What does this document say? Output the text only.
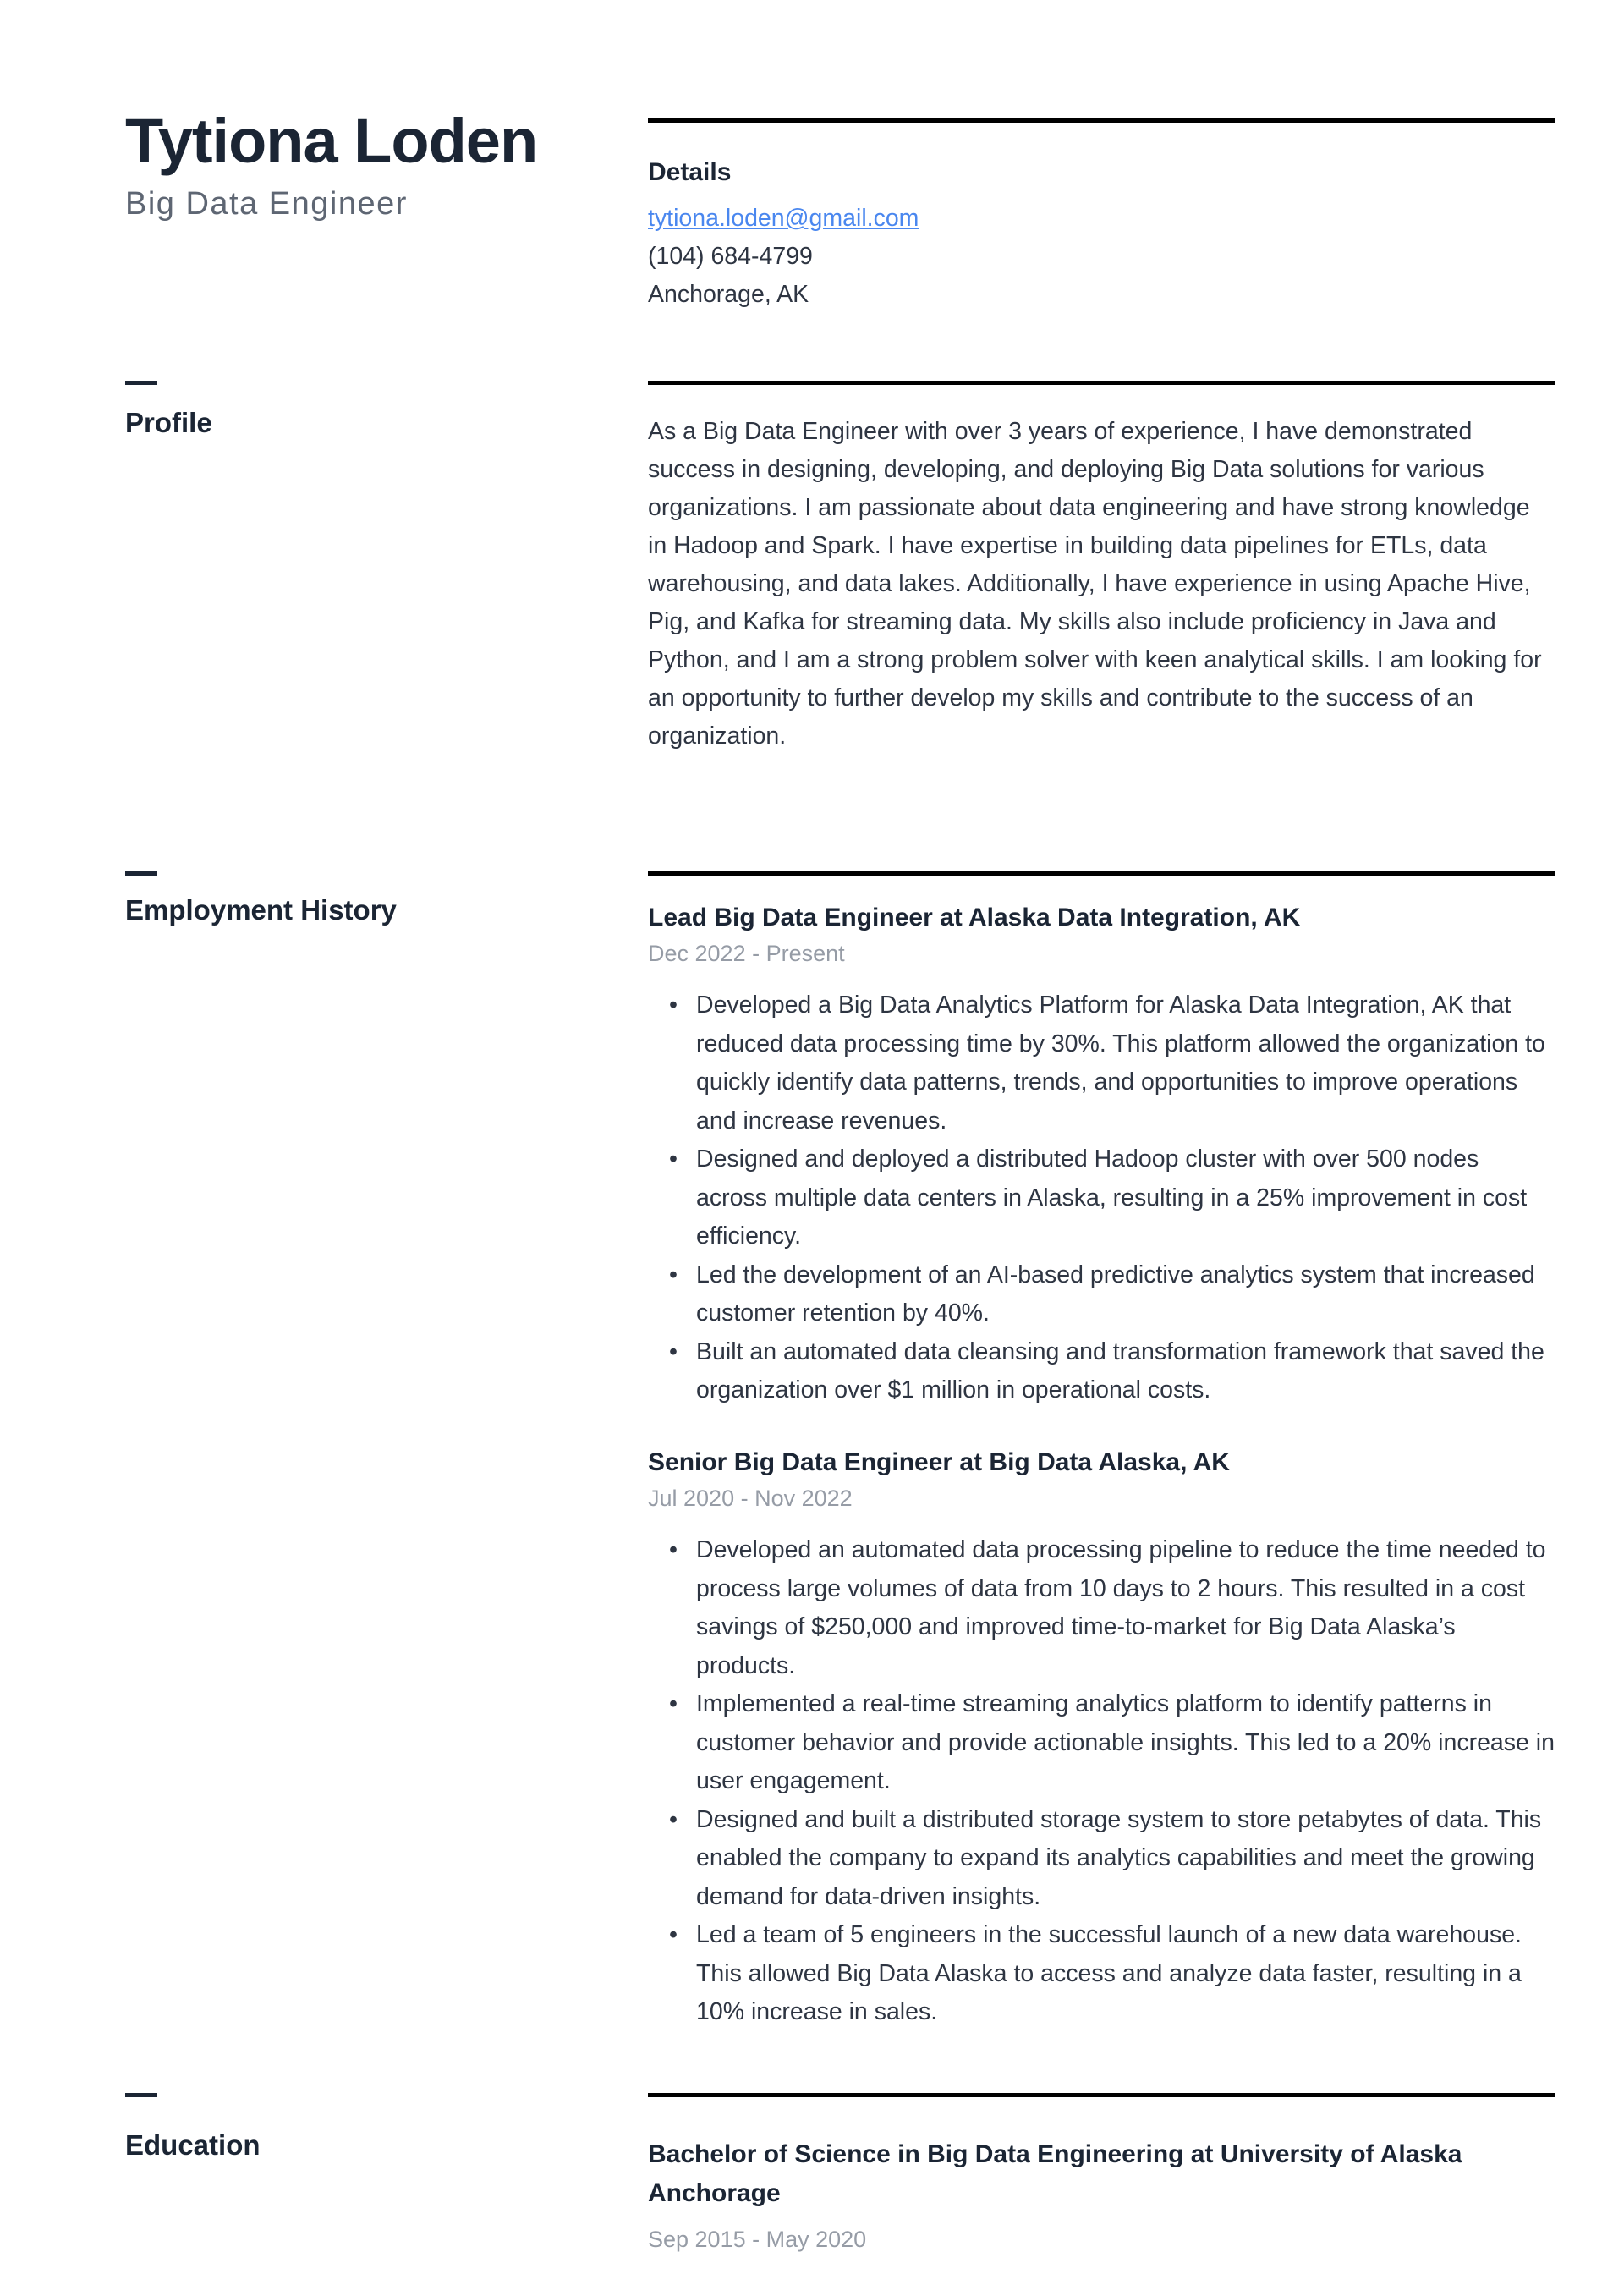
Tytiona Loden
Big Data Engineer
Details
tytiona.loden@gmail.com
(104) 684-4799
Anchorage, AK
Profile	As a Big Data Engineer with over 3 years of experience, I have demonstrated success in designing, developing, and deploying Big Data solutions for various organizations. I am passionate about data engineering and have strong knowledge in Hadoop and Spark. I have expertise in building data pipelines for ETLs, data warehousing, and data lakes. Additionally, I have experience in using Apache Hive, Pig, and Kafka for streaming data. My skills also include proficiency in Java and Python, and I am a strong problem solver with keen analytical skills. I am looking for an opportunity to further develop my skills and contribute to the success of an organization.
Employment History	Lead Big Data Engineer at Alaska Data Integration, AK
Dec 2022 - Present
• Developed a Big Data Analytics Platform for Alaska Data Integration, AK that reduced data processing time by 30%. This platform allowed the organization to quickly identify data patterns, trends, and opportunities to improve operations and increase revenues.
• Designed and deployed a distributed Hadoop cluster with over 500 nodes across multiple data centers in Alaska, resulting in a 25% improvement in cost efficiency.
• Led the development of an AI-based predictive analytics system that increased customer retention by 40%.
• Built an automated data cleansing and transformation framework that saved the organization over $1 million in operational costs.
Senior Big Data Engineer at Big Data Alaska, AK
Jul 2020 - Nov 2022
• Developed an automated data processing pipeline to reduce the time needed to process large volumes of data from 10 days to 2 hours. This resulted in a cost savings of $250,000 and improved time-to-market for Big Data Alaska’s products.
• Implemented a real-time streaming analytics platform to identify patterns in customer behavior and provide actionable insights. This led to a 20% increase in user engagement.
• Designed and built a distributed storage system to store petabytes of data. This enabled the company to expand its analytics capabilities and meet the growing demand for data-driven insights.
• Led a team of 5 engineers in the successful launch of a new data warehouse. This allowed Big Data Alaska to access and analyze data faster, resulting in a 10% increase in sales.
Education	Bachelor of Science in Big Data Engineering at University of Alaska Anchorage
Sep 2015 - May 2020
